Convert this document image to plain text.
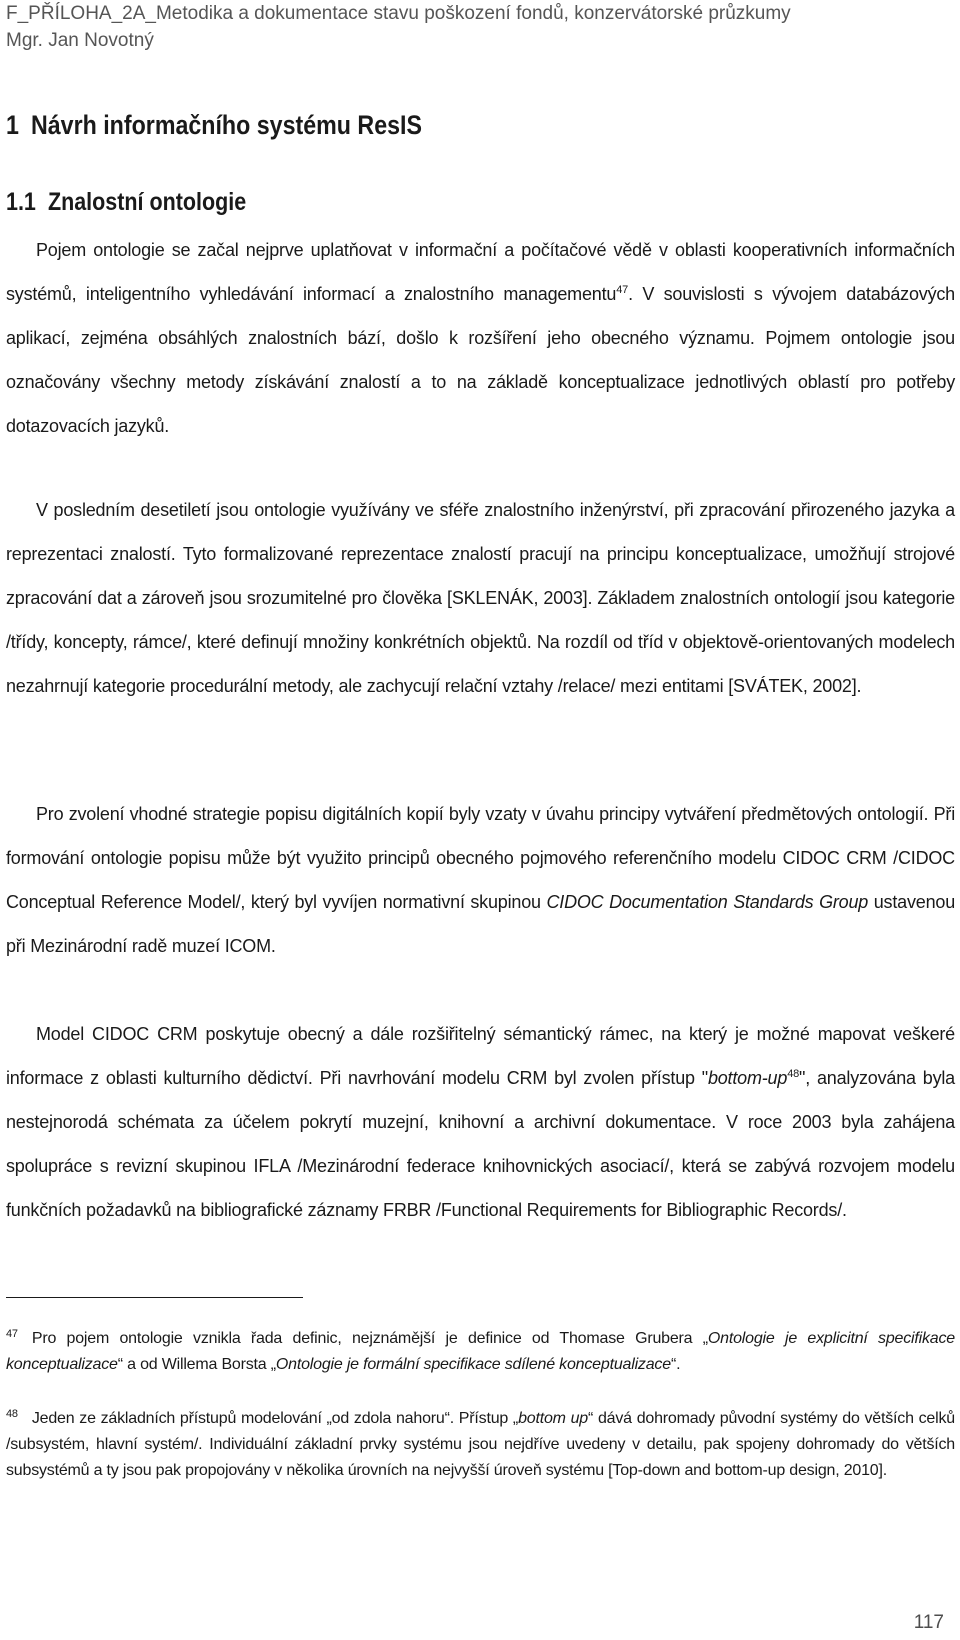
F_PŘÍLOHA_2A_Metodika a dokumentace stavu poškození fondů, konzervátorské průzkumy
Mgr. Jan Novotný
1 Návrh informačního systému ResIS
1.1 Znalostní ontologie

Pojem ontologie se začal nejprve uplatňovat v informační a počítačové vědě v oblasti kooperativních informačních systémů, inteligentního vyhledávání informací a znalostního managementu$^{47}$. V souvislosti s vývojem databázových aplikací, zejména obsáhlých znalostních bází, došlo k rozšíření jeho obecného významu. Pojmem ontologie jsou označovány všechny metody získávání znalostí a to na základě konceptualizace jednotlivých oblastí pro potřeby dotazovacích jazyků.

V posledním desetiletí jsou ontologie využívány ve sféře znalostního inženýrství, při zpracování přirozeného jazyka a reprezentaci znalostí. Tyto formalizované reprezentace znalostí pracují na principu konceptualizace, umožňují strojové zpracování dat a zároveň jsou srozumitelné pro člověka [SKLENÁK, 2003]. Základem znalostních ontologií jsou kategorie /třídy, koncepty, rámce/, které definují množiny konkrétních objektů. Na rozdíl od tříd v objektově-orientovaných modelech nezahrnují kategorie procedurální metody, ale zachycují relační vztahy /relace/ mezi entitami [SVÁTEK, 2002].

Pro zvolení vhodné strategie popisu digitálních kopií byly vzaty v úvahu principy vytváření předmětových ontologií. Při formování ontologie popisu může být využito principů obecného pojmového referenčního modelu CIDOC CRM /CIDOC Conceptual Reference Model/, který byl vyvíjen normativní skupinou CIDOC Documentation Standards Group ustavenou při Mezinárodní radě muzeí ICOM.

Model CIDOC CRM poskytuje obecný a dále rozšiřitelný sémantický rámec, na který je možné mapovat veškeré informace z oblasti kulturního dědictví. Při navrhování modelu CRM byl zvolen přístup "$bottom-up^{48}$", analyzována byla nestejnorodá schémata za účelem pokrytí muzejní, knihovní a archivní dokumentace. V roce 2003 byla zahájena spolupráce s revizní skupinou IFLA /Mezinárodní federace knihovnických asociací/, která se zabývá rozvojem modelu funkčních požadavků na bibliografické záznamy FRBR /Functional Requirements for Bibliographic Records/.

$^{47}$ Pro pojem ontologie vznikla řada definic, nejznámější je definice od Thomase Grubera „Ontologie je explicitní specifikace konceptualizace“ a od Willema Borsta „Ontologie je formální specifikace sdílené konceptualizace“.

$^{48}$ Jeden ze základních přístupů modelování „od zdola nahoru“. Přístup „bottom up“ dává dohromady původní systémy do větších celků /subsystém, hlavní systém/. Individuální základní prvky systému jsou nejdříve uvedeny v detailu, pak spojeny dohromady do větších subsystémů a ty jsou pak propojovány v několika úrovních na nejvyšší úroveň systému [Top-down and bottom-up design, 2010].

117
